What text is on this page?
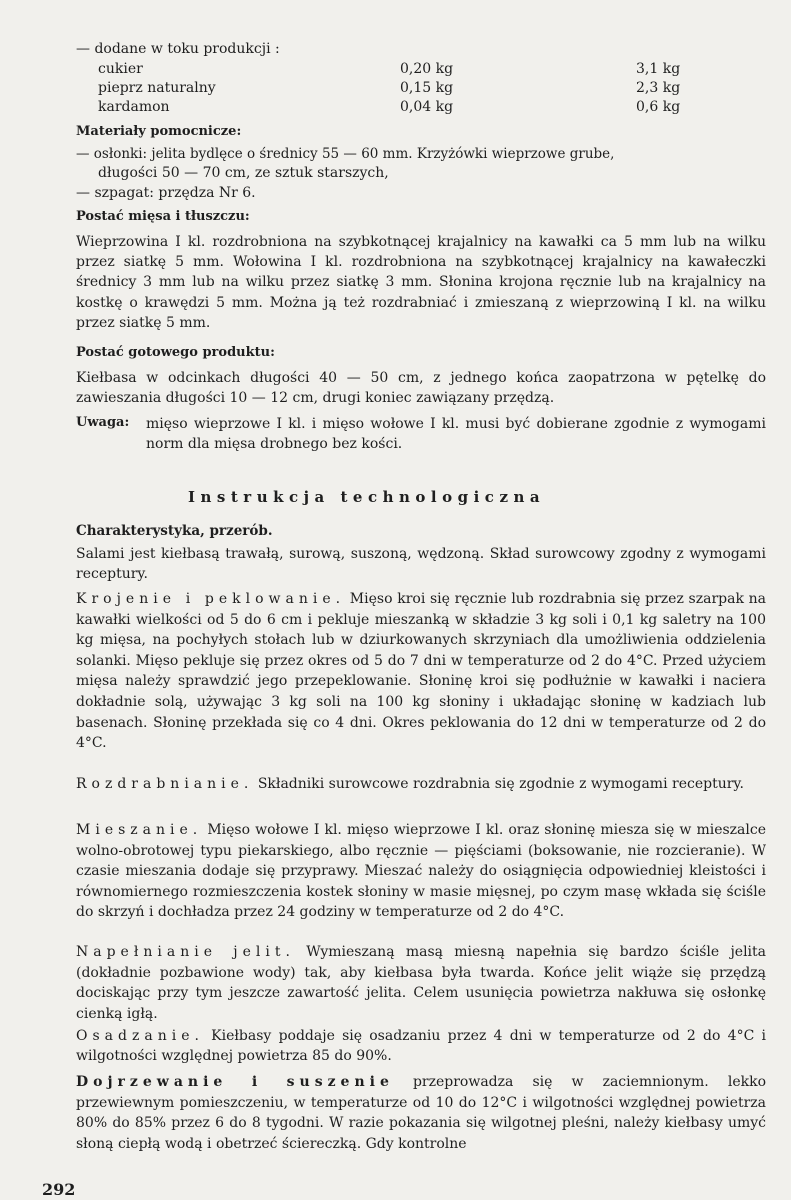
— dodane w toku produkcji :
cukier	0,20 kg	3,1 kg
pieprz naturalny	0,15 kg	2,3 kg
kardamon	0,04 kg	0,6 kg
Materiały pomocnicze:
— osłonki: jelita bydlęce o średnicy 55 — 60 mm. Krzyżówki wieprzowe grube,
długości 50 — 70 cm, ze sztuk starszych,
— szpagat: przędza Nr 6.
Postać mięsa i tłuszczu:
Wieprzowina I kl. rozdrobniona na szybkotnącej krajalnicy na kawałki ca 5 mm lub na wilku przez siatkę 5 mm. Wołowina I kl. rozdrobniona na szybkotnącej krajalnicy na kawałeczki średnicy 3 mm lub na wilku przez siatkę 3 mm. Słonina krojona ręcznie lub na krajalnicy na kostkę o krawędzi 5 mm. Można ją też rozdrabniać i zmieszaną z wieprzowiną I kl. na wilku przez siatkę 5 mm.
Postać gotowego produktu:
Kiełbasa w odcinkach długości 40 — 50 cm, z jednego końca zaopatrzona w pętelkę do zawieszania długości 10 — 12 cm, drugi koniec zawiązany przędzą.
Uwaga: mięso wieprzowe I kl. i mięso wołowe I kl. musi być dobierane zgodnie z wymogami norm dla mięsa drobnego bez kości.
Instrukcja technologiczna
Charakterystyka, przerób.
Salami jest kiełbasą trawałą, surową, suszoną, wędzoną. Skład surowcowy zgodny z wymogami receptury.
Krojenie i peklowanie. Mięso kroi się ręcznie lub rozdrabnia się przez szarpak na kawałki wielkości od 5 do 6 cm i pekluje mieszanką w składzie 3 kg soli i 0,1 kg saletry na 100 kg mięsa, na pochyłych stołach lub w dziurkowanych skrzyniach dla umożliwienia oddzielenia solanki. Mięso pekluje się przez okres od 5 do 7 dni w temperaturze od 2 do 4°C. Przed użyciem mięsa należy sprawdzić jego przepeklowanie. Słoninę kroi się podłużnie w kawałki i naciera dokładnie solą, używając 3 kg soli na 100 kg słoniny i układając słoninę w kadziach lub basenach. Słoninę przekłada się co 4 dni. Okres peklowania do 12 dni w temperaturze od 2 do 4°C.
Rozdrabnianie. Składniki surowcowe rozdrabnia się zgodnie z wymogami receptury.
Mieszanie. Mięso wołowe I kl. mięso wieprzowe I kl. oraz słoninę miesza się w mieszalce wolno-obrotowej typu piekarskiego, albo ręcznie — pięściami (boksowanie, nie rozcieranie). W czasie mieszania dodaje się przyprawy. Mieszać należy do osiągnięcia odpowiedniej kleistości i równomiernego rozmieszczenia kostek słoniny w masie mięsnej, po czym masę wkłada się ściśle do skrzyń i dochładza przez 24 godziny w temperaturze od 2 do 4°C.
Napełnianie jelit. Wymieszaną masą miesną napełnia się bardzo ściśle jelita (dokładnie pozbawione wody) tak, aby kiełbasa była twarda. Końce jelit wiąże się przędzą dociskając przy tym jeszcze zawartość jelita. Celem usunięcia powietrza nakłuwa się osłonkę cienką igłą.
Osadzanie. Kiełbasy poddaje się osadzaniu przez 4 dni w temperaturze od 2 do 4°C i wilgotności względnej powietrza 85 do 90%.
Dojrzewanie i suszenie przeprowadza się w zaciemnionym. lekko przewiewnym pomieszczeniu, w temperaturze od 10 do 12°C i wilgotności względnej powietrza 80% do 85% przez 6 do 8 tygodni. W razie pokazania się wilgotnej pleśni, należy kiełbasy umyć słoną ciepłą wodą i obetrzeć ściereczką. Gdy kontrolne
292
